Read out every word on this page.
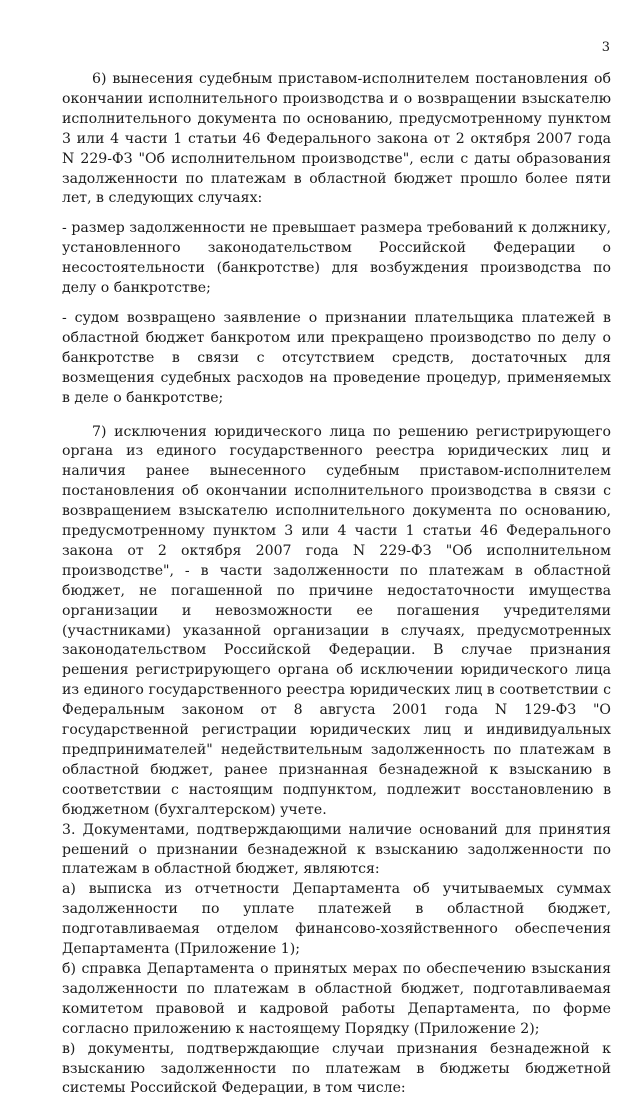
3

6) вынесения судебным приставом-исполнителем постановления об окончании исполнительного производства и о возвращении взыскателю исполнительного документа по основанию, предусмотренному пунктом 3 или 4 части 1 статьи 46 Федерального закона от 2 октября 2007 года N 229-ФЗ "Об исполнительном производстве", если с даты образования задолженности по платежам в областной бюджет прошло более пяти лет, в следующих случаях:

- размер задолженности не превышает размера требований к должнику, установленного законодательством Российской Федерации о несостоятельности (банкротстве) для возбуждения производства по делу о банкротстве;

- судом возвращено заявление о признании плательщика платежей в областной бюджет банкротом или прекращено производство по делу о банкротстве в связи с отсутствием средств, достаточных для возмещения судебных расходов на проведение процедур, применяемых в деле о банкротстве;

7) исключения юридического лица по решению регистрирующего органа из единого государственного реестра юридических лиц и наличия ранее вынесенного судебным приставом-исполнителем постановления об окончании исполнительного производства в связи с возвращением взыскателю исполнительного документа по основанию, предусмотренному пунктом 3 или 4 части 1 статьи 46 Федерального закона от 2 октября 2007 года N 229-ФЗ "Об исполнительном производстве", - в части задолженности по платежам в областной бюджет, не погашенной по причине недостаточности имущества организации и невозможности ее погашения учредителями (участниками) указанной организации в случаях, предусмотренных законодательством Российской Федерации. В случае признания решения регистрирующего органа об исключении юридического лица из единого государственного реестра юридических лиц в соответствии с Федеральным законом от 8 августа 2001 года N 129-ФЗ "О государственной регистрации юридических лиц и индивидуальных предпринимателей" недействительным задолженность по платежам в областной бюджет, ранее признанная безнадежной к взысканию в соответствии с настоящим подпунктом, подлежит восстановлению в бюджетном (бухгалтерском) учете.

3. Документами, подтверждающими наличие оснований для принятия решений о признании безнадежной к взысканию задолженности по платежам в областной бюджет, являются:

а) выписка из отчетности Департамента об учитываемых суммах задолженности по уплате платежей в областной бюджет, подготавливаемая отделом финансово-хозяйственного обеспечения Департамента (Приложение 1);

б) справка Департамента о принятых мерах по обеспечению взыскания задолженности по платежам в областной бюджет, подготавливаемая комитетом правовой и кадровой работы Департамента, по форме согласно приложению к настоящему Порядку (Приложение 2);

в) документы, подтверждающие случаи признания безнадежной к взысканию задолженности по платежам в бюджеты бюджетной системы Российской Федерации, в том числе:
